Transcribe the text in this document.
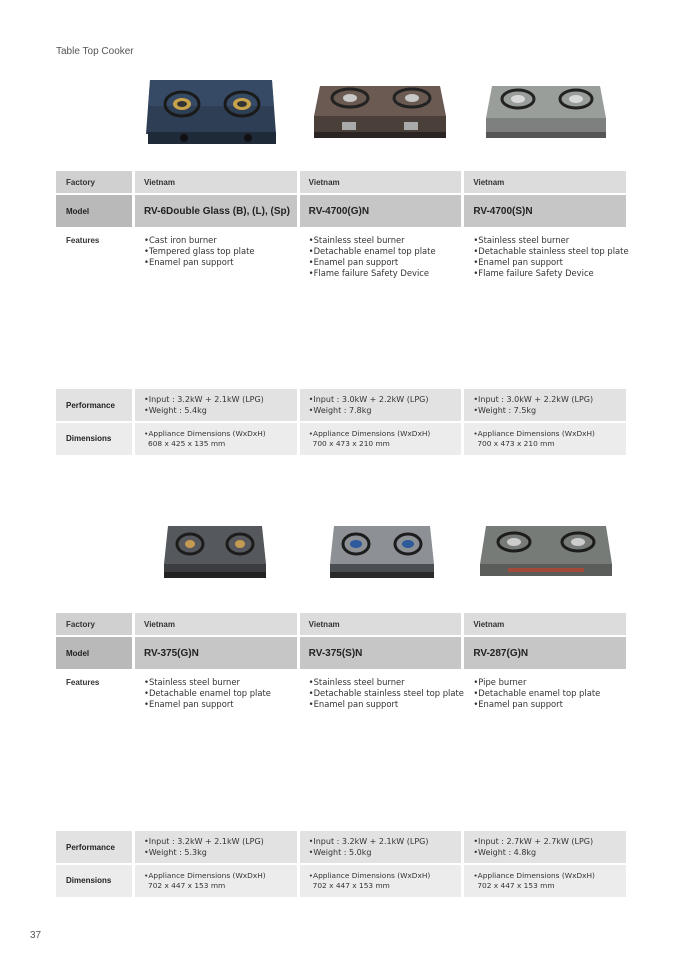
Table Top Cooker
Factory	Vietnam	Vietnam	Vietnam

Model	RV-6Double Glass (B), (L), (Sp)	RV-4700(G)N	RV-4700(S)N
Features	•Cast iron burner
•Tempered glass top plate
•Enamel pan support	•Stainless steel burner
•Detachable enamel top plate
•Enamel pan support
•Flame failure Safety Device	•Stainless steel burner
•Detachable stainless steel top plate
•Enamel pan support
•Flame failure Safety Device

Performance	•Input : 3.2kW + 2.1kW (LPG)
•Weight : 5.4kg	•Input : 3.0kW + 2.2kW (LPG)
•Weight : 7.8kg	•Input : 3.0kW + 2.2kW (LPG)
•Weight : 7.5kg

Dimensions	•Appliance Dimensions (WxDxH)
608 x 425 x 135 mm	•Appliance Dimensions (WxDxH)
700 x 473 x 210 mm	•Appliance Dimensions (WxDxH)
700 x 473 x 210 mm
Factory	Vietnam	Vietnam	Vietnam

Model	RV-375(G)N	RV-375(S)N	RV-287(G)N
Features	•Stainless steel burner
•Detachable enamel top plate
•Enamel pan support	•Stainless steel burner
•Detachable stainless steel top plate
•Enamel pan support	•Pipe burner
•Detachable enamel top plate
•Enamel pan support

Performance	•Input : 3.2kW + 2.1kW (LPG)
•Weight : 5.3kg	•Input : 3.2kW + 2.1kW (LPG)
•Weight : 5.0kg	•Input : 2.7kW + 2.7kW (LPG)
•Weight : 4.8kg

Dimensions	•Appliance Dimensions (WxDxH)
702 x 447 x 153 mm	•Appliance Dimensions (WxDxH)
702 x 447 x 153 mm	•Appliance Dimensions (WxDxH)
702 x 447 x 153 mm
37
